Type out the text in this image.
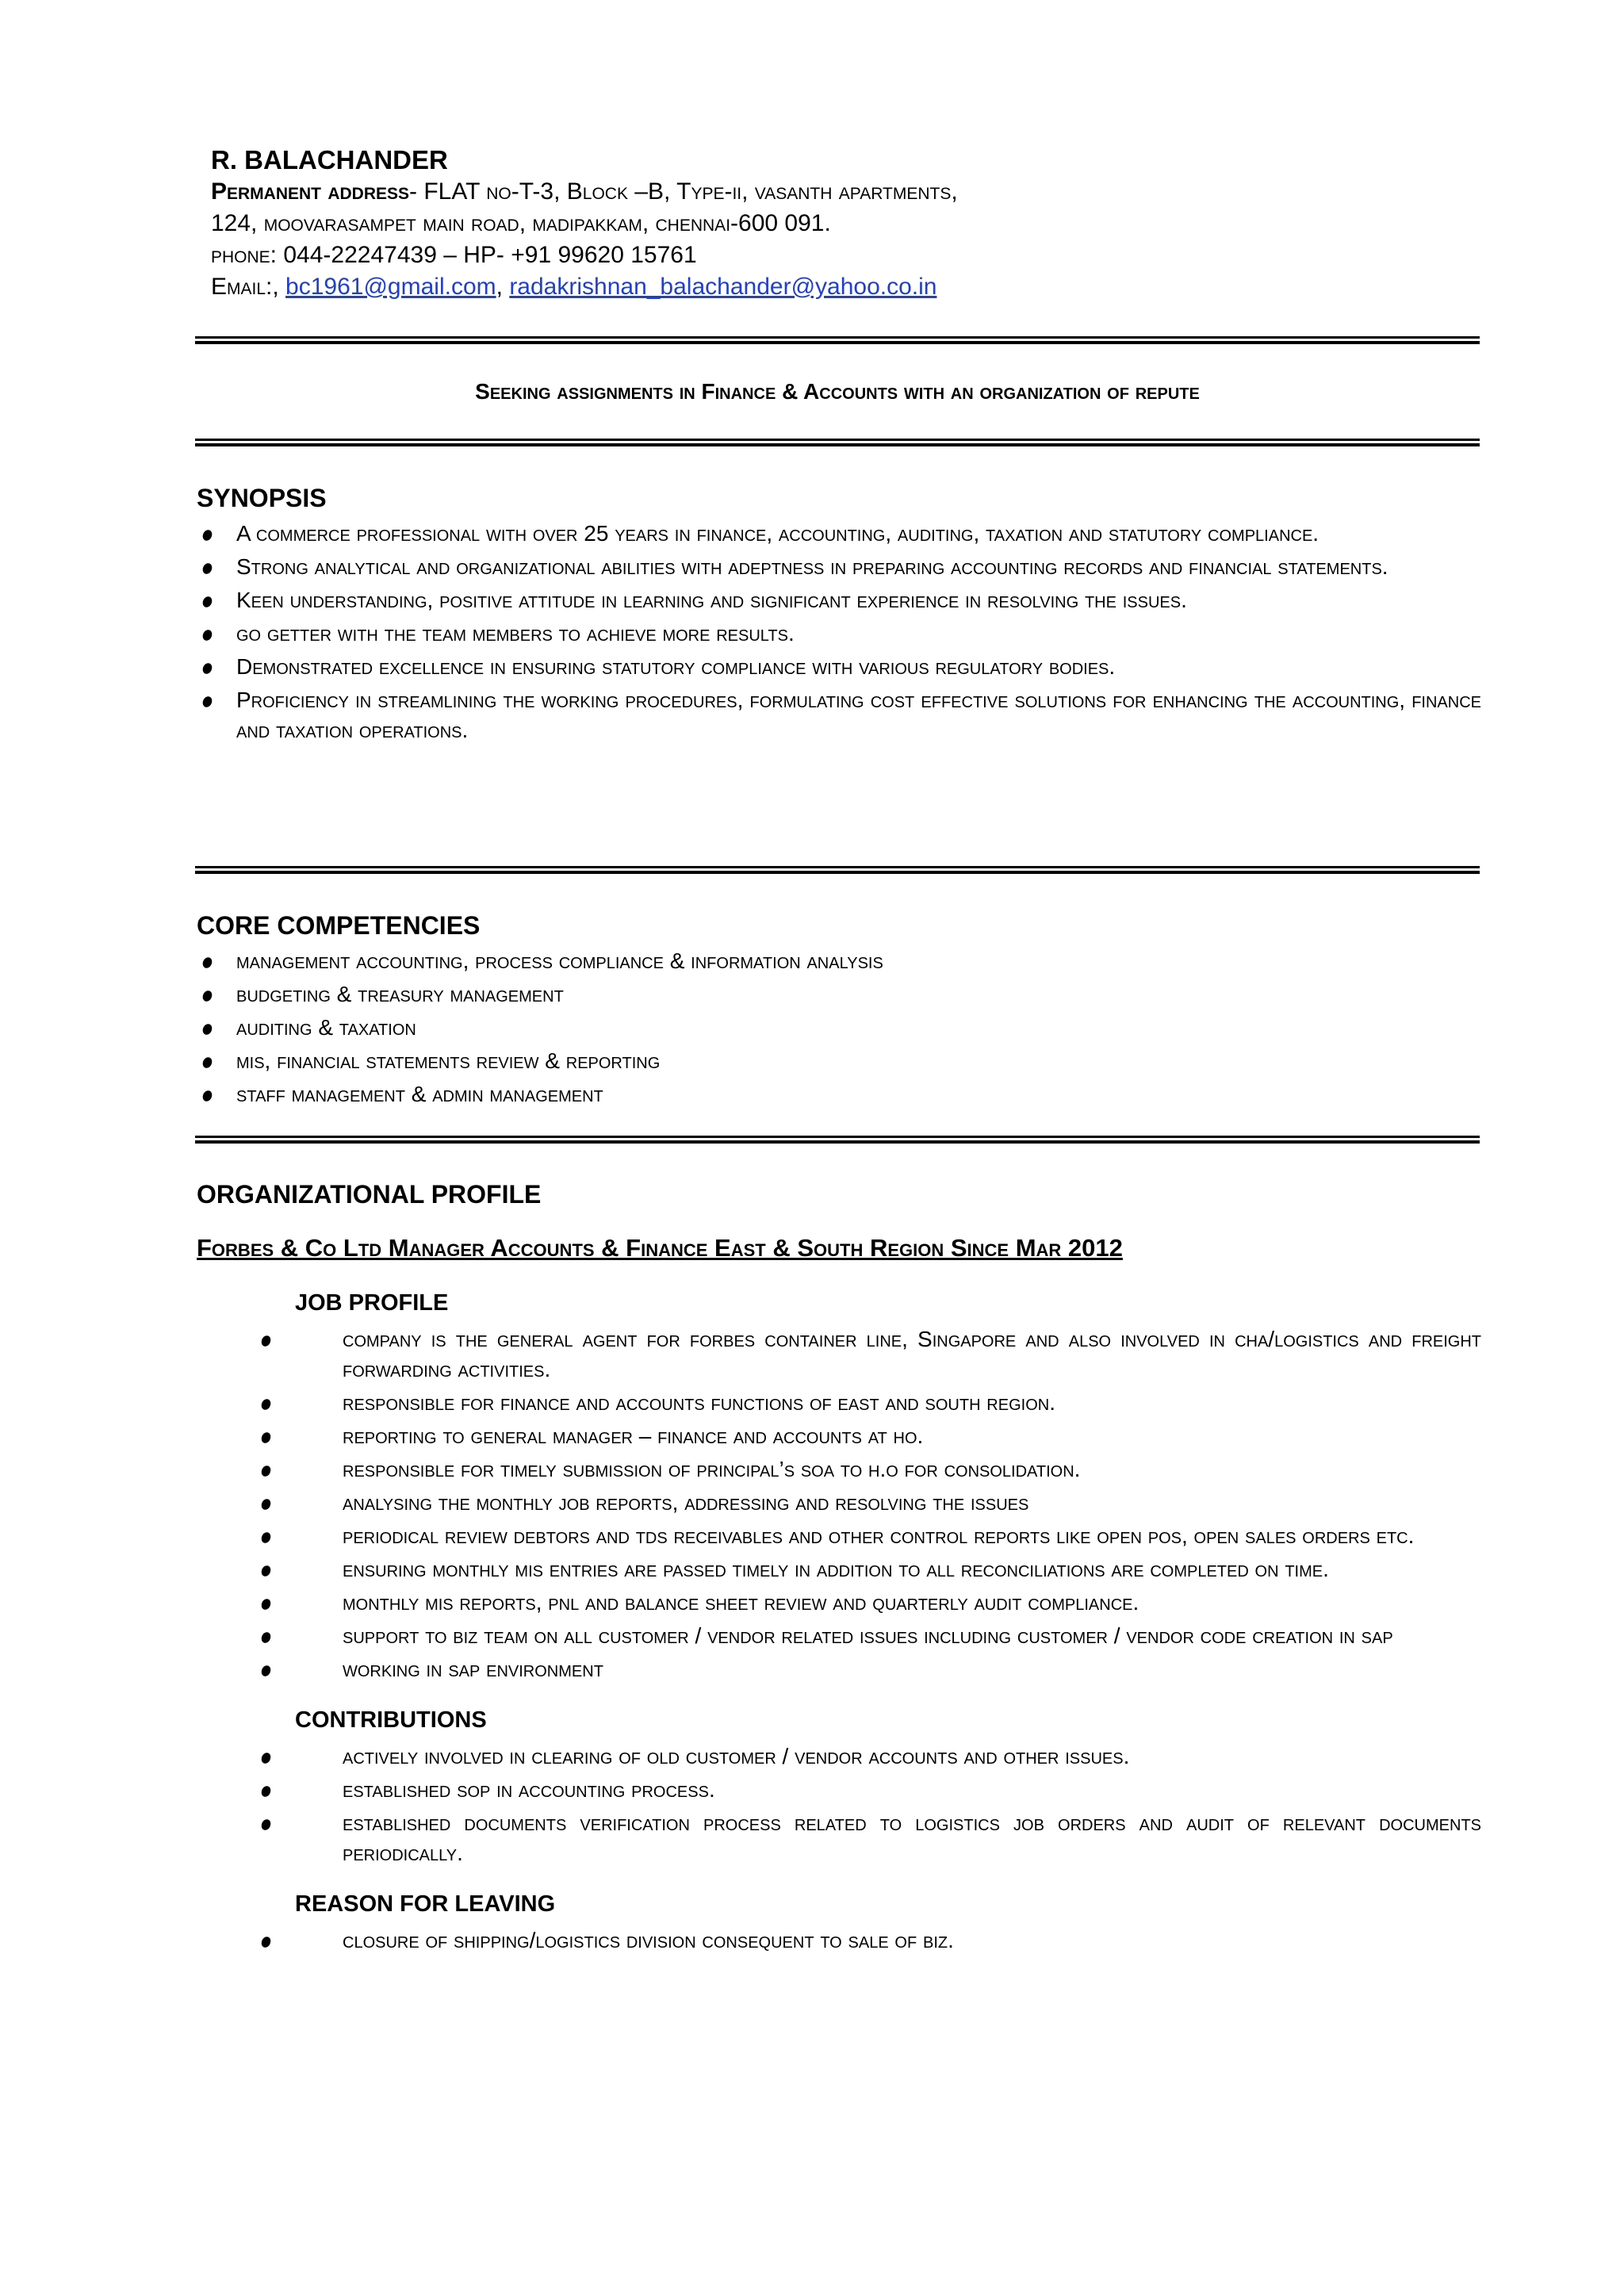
R. BALACHANDER

Permanent address- FLAT no-T-3, Block –B, Type-ii, vasanth apartments,

124, moovarasampet main road, madipakkam, chennai-600 091.

phone: 044-22247439 – HP- +91 99620 15761

Email:, bc1961@gmail.com, radakrishnan_balachander@yahoo.co.in

Seeking assignments in Finance & Accounts with an organization of repute

SYNOPSIS

A commerce professional with over 25 years in finance, accounting, auditing, taxation and statutory compliance.
Strong analytical and organizational abilities with adeptness in preparing accounting records and financial statements.
Keen understanding, positive attitude in learning and significant experience in resolving the issues.
go getter with the team members to achieve more results.
Demonstrated excellence in ensuring statutory compliance with various regulatory bodies.
Proficiency in streamlining the working procedures, formulating cost effective solutions for enhancing the accounting, finance and taxation operations.

CORE COMPETENCIES

management accounting, process compliance & information analysis
budgeting & treasury management
auditing & taxation
mis, financial statements review & reporting
staff management & admin management

ORGANIZATIONAL PROFILE

Forbes & Co Ltd Manager Accounts & Finance East & South Region Since Mar 2012

JOB PROFILE

company is the general agent for forbes container line, Singapore and also involved in cha/logistics and freight forwarding activities.
responsible for finance and accounts functions of east and south region.
reporting to general manager – finance and accounts at ho.
responsible for timely submission of principal’s soa to h.o for consolidation.
analysing the monthly job reports, addressing and resolving the issues
periodical review debtors and tds receivables and other control reports like open pos, open sales orders etc.
ensuring monthly mis entries are passed timely in addition to all reconciliations are completed on time.
monthly mis reports, pnl and balance sheet review and quarterly audit compliance.
support to biz team on all customer / vendor related issues including customer / vendor code creation in sap
working in sap environment

CONTRIBUTIONS

actively involved in clearing of old customer / vendor accounts and other issues.
established sop in accounting process.
established documents verification process related to logistics job orders and audit of relevant documents periodically.

REASON FOR LEAVING

closure of shipping/logistics division consequent to sale of biz.
